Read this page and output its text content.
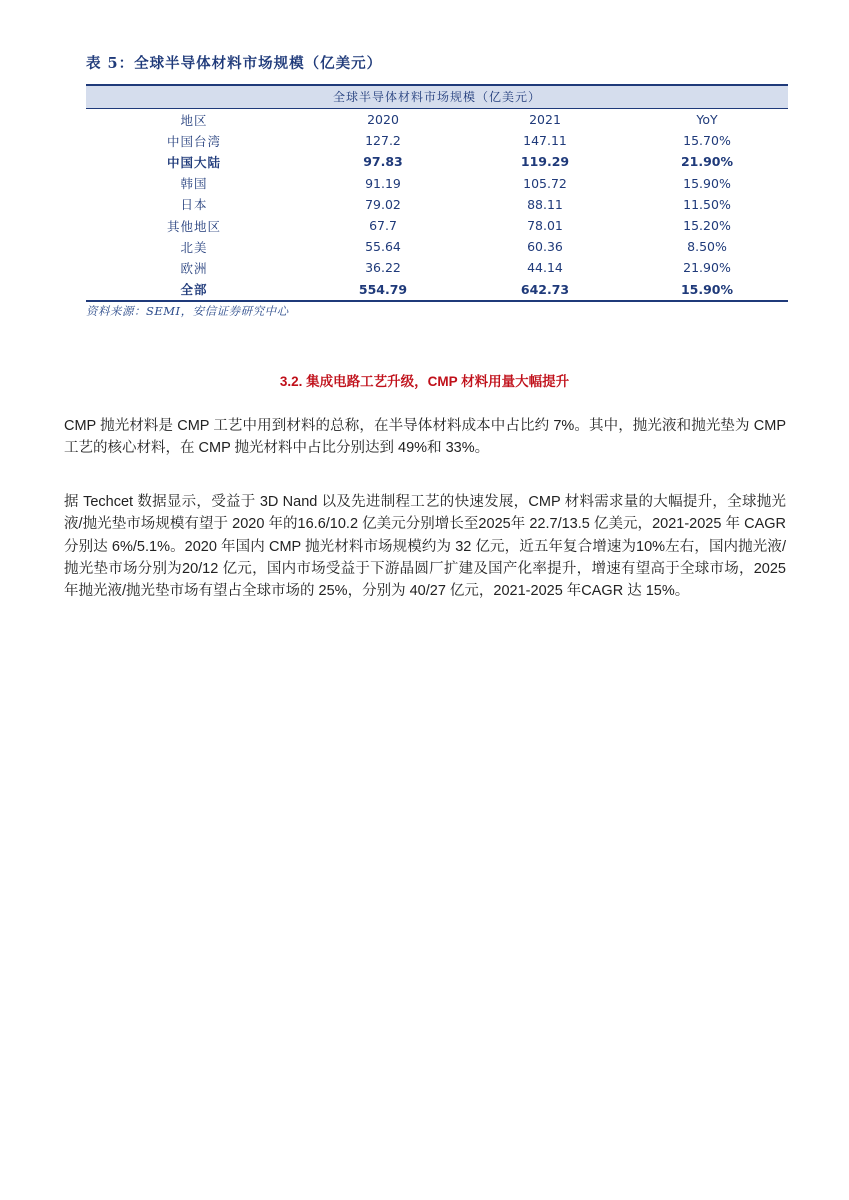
表 5：全球半导体材料市场规模（亿美元）
全球半导体材料市场规模（亿美元）
地区	2020	2021	YoY
中国台湾	127.2	147.11	15.70%
中国大陆	97.83	119.29	21.90%
韩国	91.19	105.72	15.90%
日本	79.02	88.11	11.50%
其他地区	67.7	78.01	15.20%
北美	55.64	60.36	8.50%
欧洲	36.22	44.14	21.90%
全部	554.79	642.73	15.90%
资料来源：SEMI，安信证券研究中心
3.2. 集成电路工艺升级，CMP 材料用量大幅提升
CMP 抛光材料是 CMP 工艺中用到材料的总称，在半导体材料成本中占比约 7%。其中，抛光液和抛光垫为 CMP 工艺的核心材料，在 CMP 抛光材料中占比分别达到 49%和 33%。
据 Techcet 数据显示，受益于 3D Nand 以及先进制程工艺的快速发展，CMP 材料需求量的大幅提升，全球抛光液/抛光垫市场规模有望于 2020 年的16.6/10.2 亿美元分别增长至2025年 22.7/13.5 亿美元，2021-2025 年 CAGR 分别达 6%/5.1%。2020 年国内 CMP 抛光材料市场规模约为 32 亿元，近五年复合增速为10%左右，国内抛光液/抛光垫市场分别为20/12 亿元，国内市场受益于下游晶圆厂扩建及国产化率提升，增速有望高于全球市场，2025 年抛光液/抛光垫市场有望占全球市场的 25%，分别为 40/27 亿元，2021-2025 年CAGR 达 15%。
